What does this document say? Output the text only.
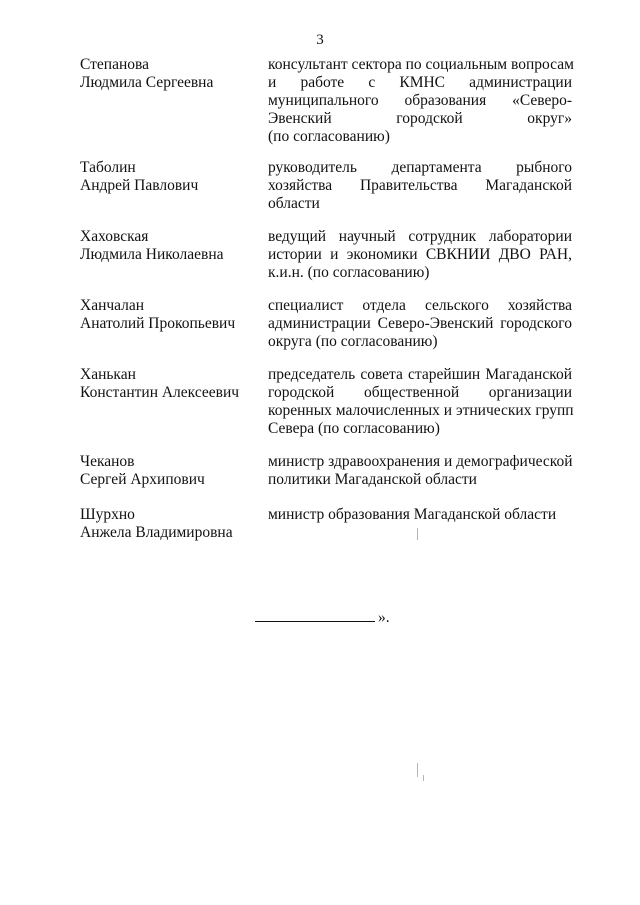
3
Степанова
Людмила Сергеевна
консультант сектора по социальным вопросам
и работе с КМНС администрации
муниципального образования «Северо-
Эвенский городской округ»
(по согласованию)
Таболин
Андрей Павлович
руководитель департамента рыбного
хозяйства Правительства Магаданской
области
Хаховская
Людмила Николаевна
ведущий научный сотрудник лаборатории
истории и экономики СВКНИИ ДВО РАН,
к.и.н. (по согласованию)
Ханчалан
Анатолий Прокопьевич
специалист отдела сельского хозяйства
администрации Северо-Эвенский городского
округа (по согласованию)
Ханькан
Константин Алексеевич
председатель совета старейшин Магаданской
городской общественной организации
коренных малочисленных и этнических групп
Севера (по согласованию)
Чеканов
Сергей Архипович
министр здравоохранения и демографической
политики Магаданской области
Шурхно
Анжела Владимировна
министр образования Магаданской области
».
